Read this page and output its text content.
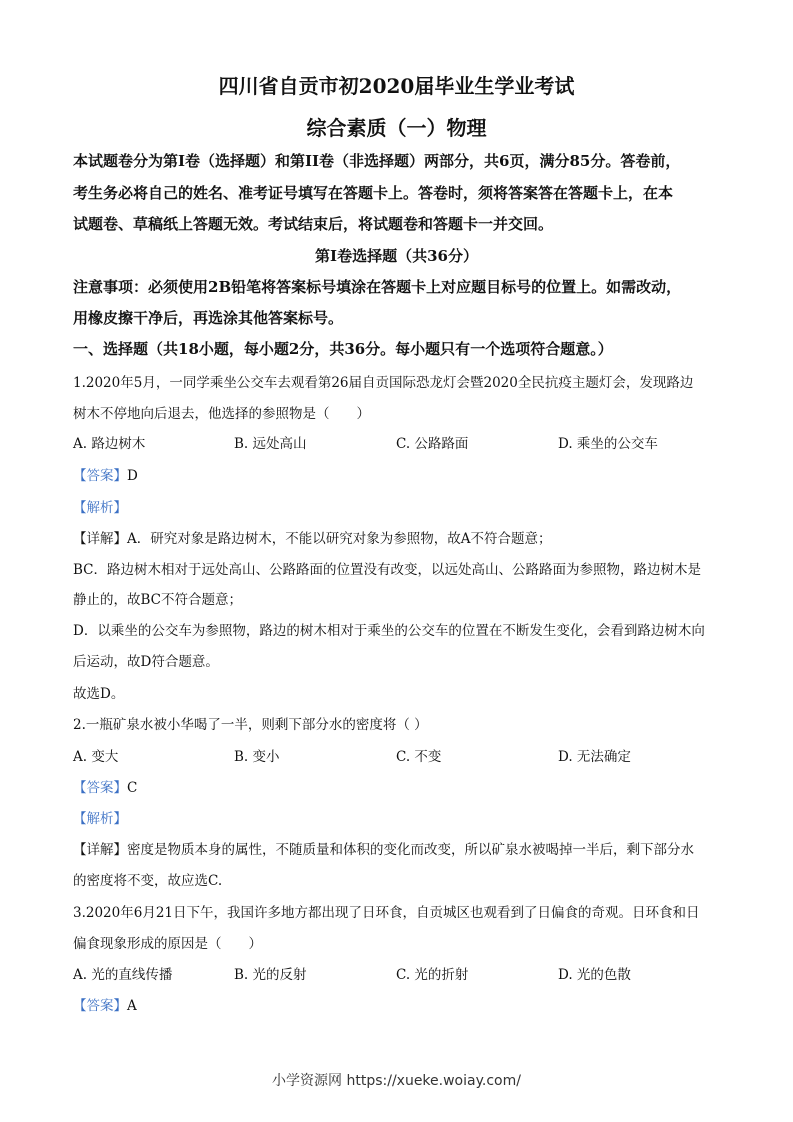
四川省自贡市初2020届毕业生学业考试
综合素质（一）物理
本试题卷分为第I卷（选择题）和第II卷（非选择题）两部分，共6页，满分85分。答卷前，
考生务必将自己的姓名、准考证号填写在答题卡上。答卷时，须将答案答在答题卡上，在本
试题卷、草稿纸上答题无效。考试结束后，将试题卷和答题卡一并交回。
第I卷选择题（共36分）
注意事项：必须使用2B铅笔将答案标号填涂在答题卡上对应题目标号的位置上。如需改动，
用橡皮擦干净后，再选涂其他答案标号。
一、选择题（共18小题，每小题2分，共36分。每小题只有一个选项符合题意。）
1.2020年5月，一同学乘坐公交车去观看第26届自贡国际恐龙灯会暨2020全民抗疫主题灯会，发现路边
树木不停地向后退去，他选择的参照物是（　　）
A. 路边树木	B. 远处高山	C. 公路路面	D. 乘坐的公交车
【答案】D
【解析】
【详解】A．研究对象是路边树木，不能以研究对象为参照物，故A不符合题意；
BC．路边树木相对于远处高山、公路路面的位置没有改变，以远处高山、公路路面为参照物，路边树木是
静止的，故BC不符合题意；
D．以乘坐的公交车为参照物，路边的树木相对于乘坐的公交车的位置在不断发生变化，会看到路边树木向
后运动，故D符合题意。
故选D。
2.一瓶矿泉水被小华喝了一半，则剩下部分水的密度将（ ）
A. 变大	B. 变小	C. 不变	D. 无法确定
【答案】C
【解析】
【详解】密度是物质本身的属性，不随质量和体积的变化而改变，所以矿泉水被喝掉一半后，剩下部分水
的密度将不变，故应选C.
3.2020年6月21日下午，我国许多地方都出现了日环食，自贡城区也观看到了日偏食的奇观。日环食和日
偏食现象形成的原因是（　　）
A. 光的直线传播	B. 光的反射	C. 光的折射	D. 光的色散
【答案】A
小学资源网 https://xueke.woiay.com/
